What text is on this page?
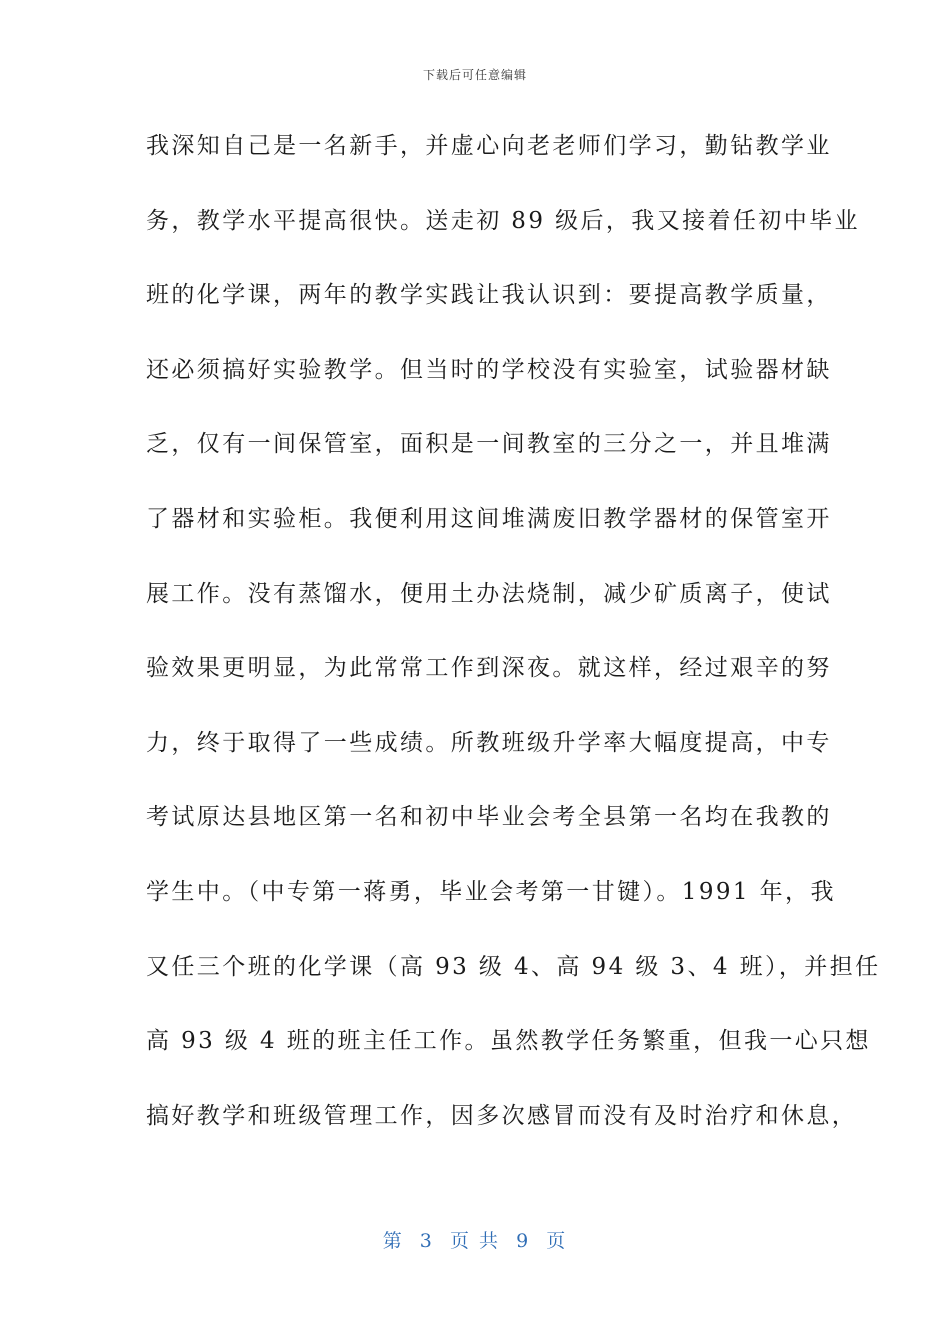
下载后可任意编辑
我深知自己是一名新手，并虚心向老老师们学习，勤钻教学业
务，教学水平提高很快。送走初 89 级后，我又接着任初中毕业
班的化学课，两年的教学实践让我认识到：要提高教学质量，
还必须搞好实验教学。但当时的学校没有实验室，试验器材缺
乏，仅有一间保管室，面积是一间教室的三分之一，并且堆满
了器材和实验柜。我便利用这间堆满废旧教学器材的保管室开
展工作。没有蒸馏水，便用土办法烧制，减少矿质离子，使试
验效果更明显，为此常常工作到深夜。就这样，经过艰辛的努
力，终于取得了一些成绩。所教班级升学率大幅度提高，中专
考试原达县地区第一名和初中毕业会考全县第一名均在我教的
学生中。（中专第一蒋勇，毕业会考第一甘键）。1991 年，我
又任三个班的化学课（高 93 级 4、高 94 级 3、4 班），并担任
高 93 级 4 班的班主任工作。虽然教学任务繁重，但我一心只想
搞好教学和班级管理工作，因多次感冒而没有及时治疗和休息，
第  3  页 共  9  页
